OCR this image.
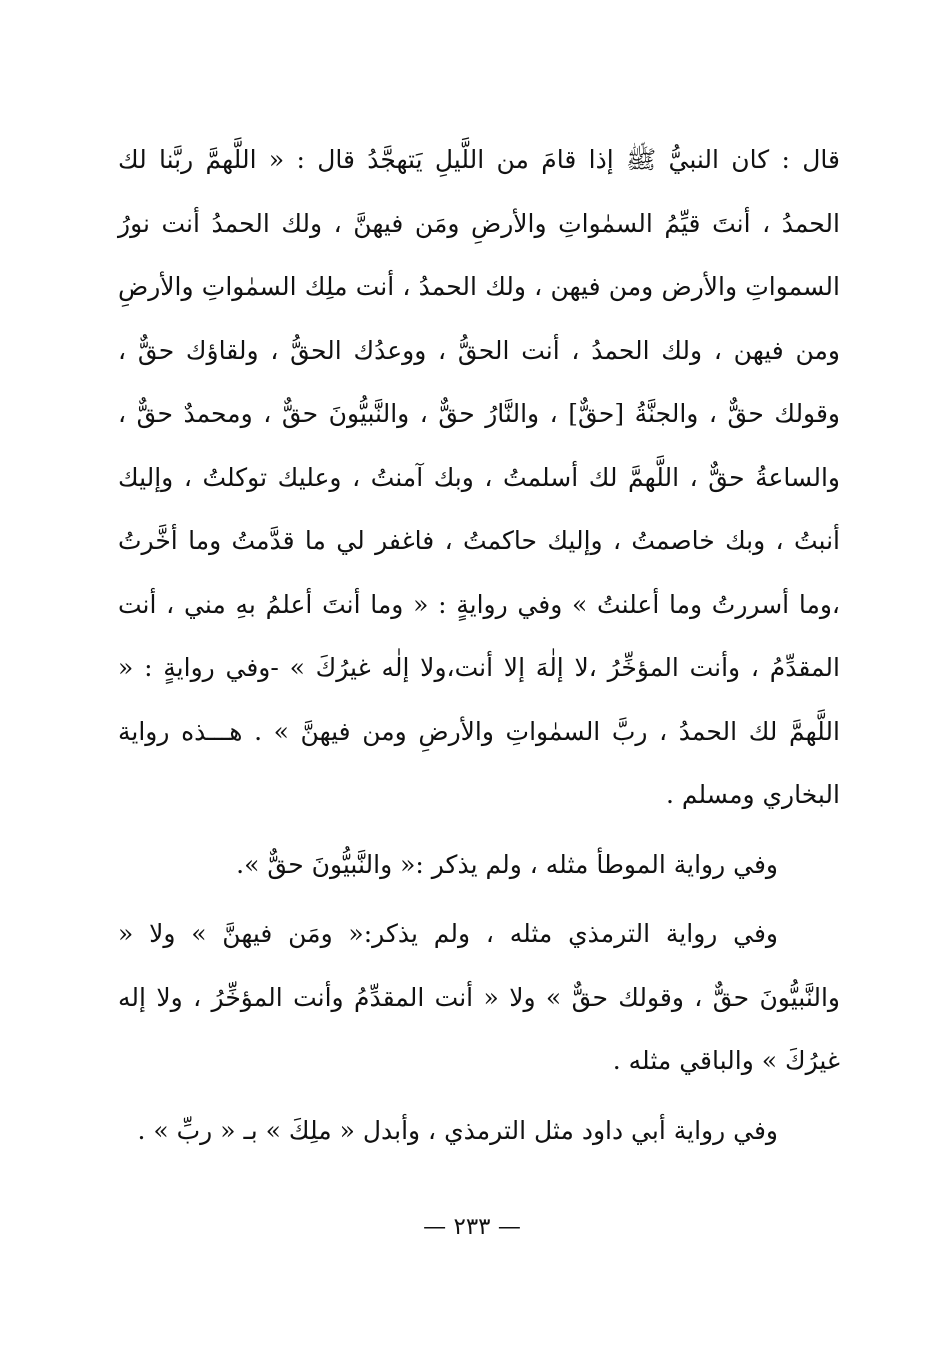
قال : كان النبيُّ ﷺ إذا قامَ من اللَّيلِ يَتهجَّدُ قال : « اللَّهمَّ ربَّنا لك الحمدُ ، أنتَ قيِّمُ السمٰواتِ والأرضِ ومَن فيهنَّ ، ولك الحمدُ أنت نورُ السمواتِ والأرض ومن فيهن ، ولك الحمدُ ، أنت ملِك السمٰواتِ والأرضِ ومن فيهن ، ولك الحمدُ ، أنت الحقُّ ، ووعدُك الحقُّ ، ولقاؤك حقٌّ ، وقولك حقٌّ ، والجنَّةُ [حقٌّ] ، والنَّارُ حقٌّ ، والنَّبيُّونَ حقٌّ ، ومحمدٌ حقٌّ ، والساعةُ حقٌّ ، اللَّهمَّ لك أسلمتُ ، وبك آمنتُ ، وعليك توكلتُ ، وإليك أنبتُ ، وبك خاصمتُ ، وإليك حاكمتُ ، فاغفر لي ما قدَّمتُ وما أخَّرتُ ،وما أسررتُ وما أعلنتُ » وفي روايةٍ : « وما أنتَ أعلمُ بهِ مني ، أنت المقدِّمُ ، وأنت المؤخِّرُ ،لا إلٰهَ إلا أنت،ولا إلٰه غيرُكَ » -وفي روايةٍ : « اللَّهمَّ لك الحمدُ ، ربَّ السمٰواتِ والأرضِ ومن فيهنَّ » . هـــذه رواية البخاري ومسلم .

وفي رواية الموطأ مثله ، ولم يذكر :« والنَّبيُّونَ حقٌّ ».

وفي رواية الترمذي مثله ، ولم يذكر:« ومَن فيهنَّ » ولا « والنَّبيُّونَ حقٌّ ، وقولك حقٌّ » ولا « أنت المقدِّمُ وأنت المؤخِّرُ ، ولا إله غيرُكَ » والباقي مثله .

وفي رواية أبي داود مثل الترمذي ، وأبدل « ملِكَ » بـ « ربِّ » .

— ٢٣٣ —
